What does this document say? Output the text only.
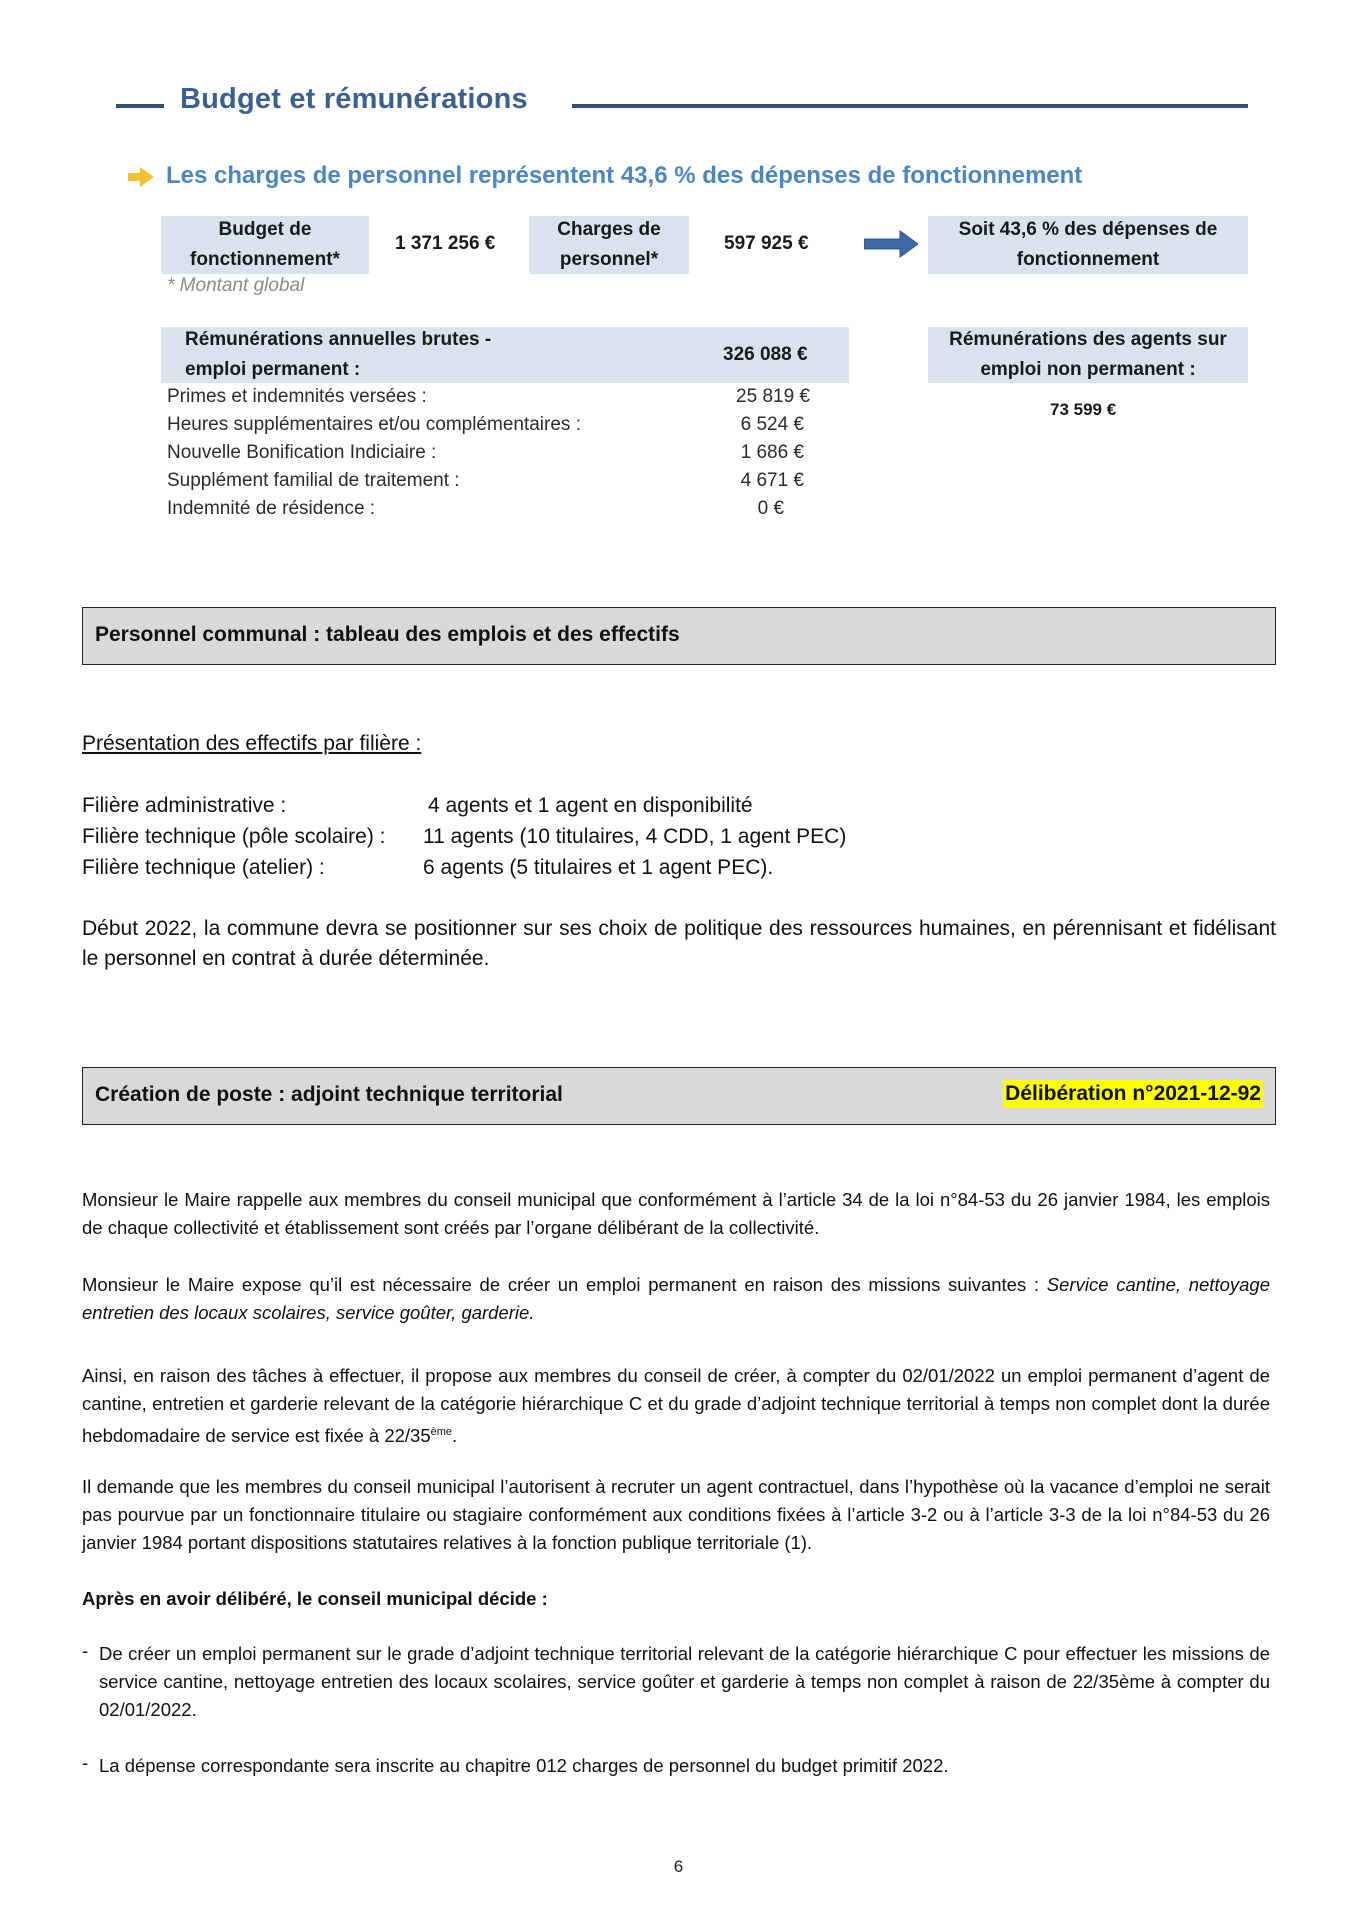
Budget et rémunérations
Les charges de personnel représentent 43,6 % des dépenses de fonctionnement
Budget de fonctionnement*
1 371 256 €
Charges de personnel*
597 925 €
Soit 43,6 % des dépenses de fonctionnement
* Montant global
Rémunérations annuelles brutes - emploi permanent :
326 088 €
Primes et indemnités versées :	25 819 €
Heures supplémentaires et/ou complémentaires :	6 524 €
Nouvelle Bonification Indiciaire :	1 686 €
Supplément familial de traitement :	4 671 €
Indemnité de résidence :	0 €
Rémunérations des agents sur emploi non permanent :
73 599 €
Personnel communal : tableau des emplois et des effectifs
Présentation des effectifs par filière :
Filière administrative :	4 agents et 1 agent en disponibilité
Filière technique (pôle scolaire) : 11 agents (10 titulaires, 4 CDD, 1 agent PEC)
Filière technique (atelier) :	6 agents (5 titulaires et 1 agent PEC).
Début 2022, la commune devra se positionner sur ses choix de politique des ressources humaines, en pérennisant et fidélisant le personnel en contrat à durée déterminée.
Création de poste : adjoint technique territorial	Délibération n°2021-12-92
Monsieur le Maire rappelle aux membres du conseil municipal que conformément à l’article 34 de la loi n°84-53 du 26 janvier 1984, les emplois de chaque collectivité et établissement sont créés par l’organe délibérant de la collectivité.
Monsieur le Maire expose qu’il est nécessaire de créer un emploi permanent en raison des missions suivantes : Service cantine, nettoyage entretien des locaux scolaires, service goûter, garderie.
Ainsi, en raison des tâches à effectuer, il propose aux membres du conseil de créer, à compter du 02/01/2022 un emploi permanent d’agent de cantine, entretien et garderie relevant de la catégorie hiérarchique C et du grade d’adjoint technique territorial à temps non complet dont la durée hebdomadaire de service est fixée à 22/35ème.
Il demande que les membres du conseil municipal l’autorisent à recruter un agent contractuel, dans l’hypothèse où la vacance d’emploi ne serait pas pourvue par un fonctionnaire titulaire ou stagiaire conformément aux conditions fixées à l’article 3-2 ou à l’article 3-3 de la loi n°84-53 du 26 janvier 1984 portant dispositions statutaires relatives à la fonction publique territoriale (1).
Après en avoir délibéré, le conseil municipal décide :
- De créer un emploi permanent sur le grade d’adjoint technique territorial relevant de la catégorie hiérarchique C pour effectuer les missions de service cantine, nettoyage entretien des locaux scolaires, service goûter et garderie à temps non complet à raison de 22/35ème à compter du 02/01/2022.
- La dépense correspondante sera inscrite au chapitre 012 charges de personnel du budget primitif 2022.
6
